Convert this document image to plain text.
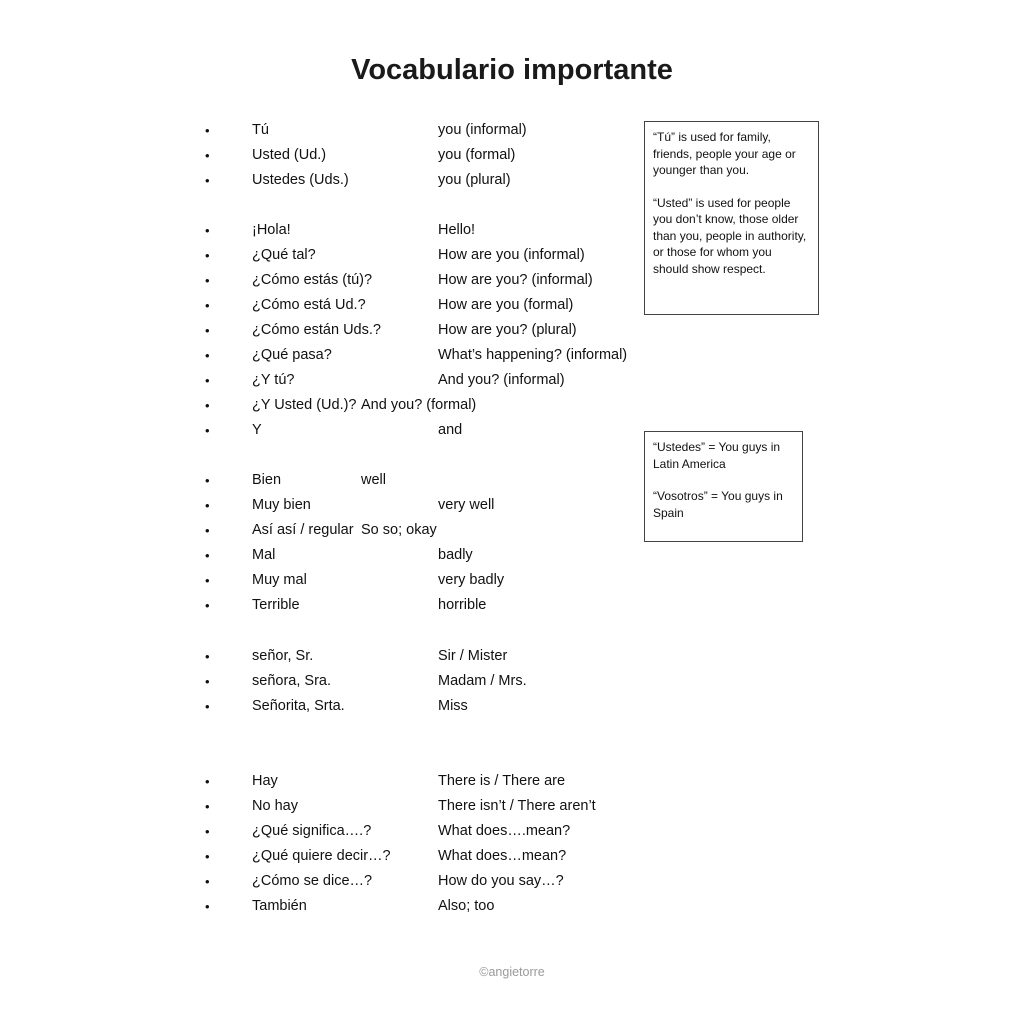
Vocabulario importante
•	Tú	you (informal)
•	Usted (Ud.)	you (formal)
•	Ustedes (Uds.)	you (plural)
•	¡Hola!	Hello!
•	¿Qué tal?	How are you (informal)
•	¿Cómo estás (tú)?	How are you? (informal)
•	¿Cómo está Ud.?	How are you (formal)
•	¿Cómo están Uds.?	How are you? (plural)
•	¿Qué pasa?	What’s happening? (informal)
•	¿Y tú?	And you? (informal)
•	¿Y Usted (Ud.)? And you? (formal)
•	Y	and
•	Bien	well
•	Muy bien	very well
•	Así así / regular So so; okay
•	Mal	badly
•	Muy mal	very badly
•	Terrible	horrible
•	señor, Sr.	Sir / Mister
•	señora, Sra.	Madam / Mrs.
•	Señorita, Srta.	Miss
•	Hay	There is / There are
•	No hay	There isn’t / There aren’t
•	¿Qué significa….?	What does….mean?
•	¿Qué quiere decir…?	What does…mean?
•	¿Cómo se dice…?	How do you say…?
•	También	Also; too

“Tú” is used for family, friends, people your age or younger than you.

“Usted” is used for people you don’t know, those older than you, people in authority, or those for whom you should show respect.

“Ustedes” = You guys in Latin America

“Vosotros” = You guys in Spain

©angietorre
